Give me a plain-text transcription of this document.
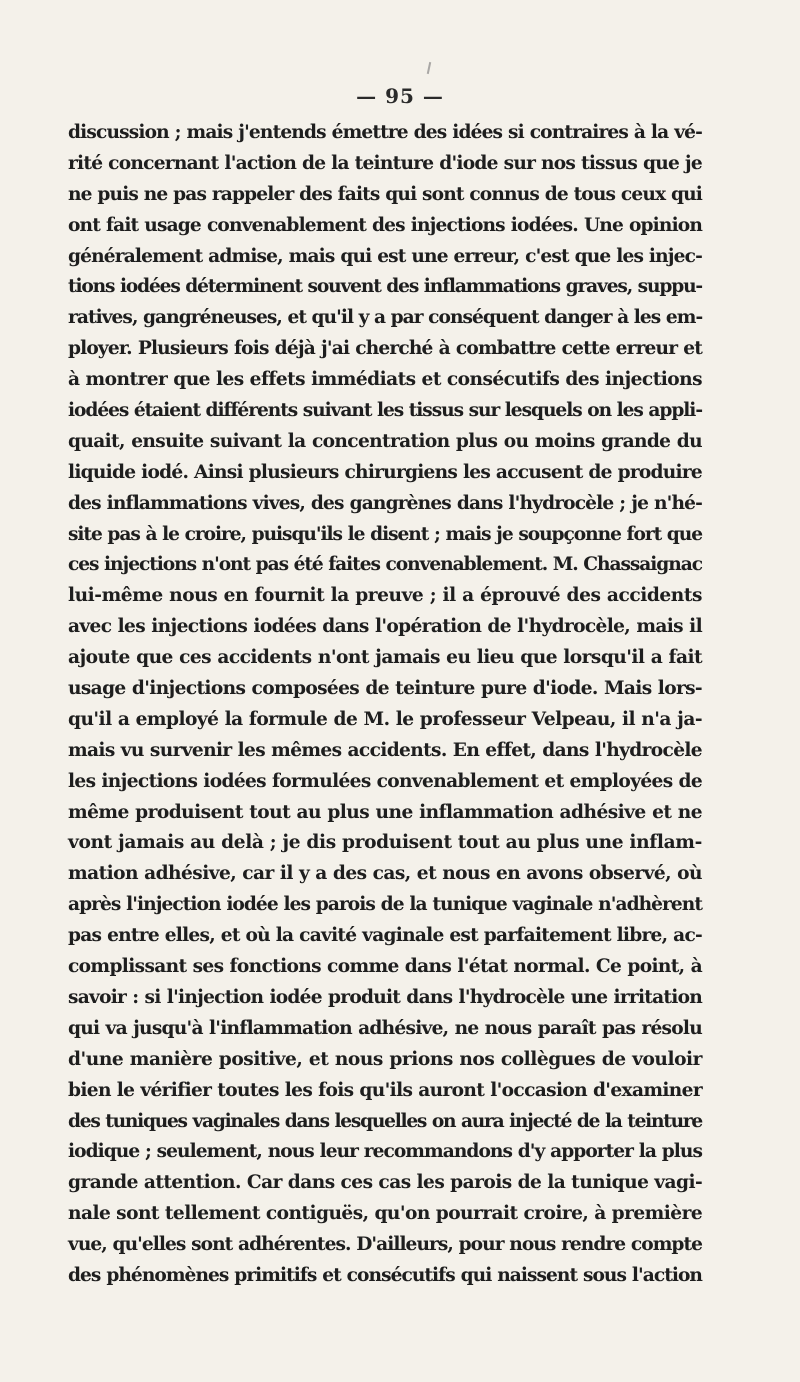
— 95 —
discussion ; mais j'entends émettre des idées si contraires à la vé-
rité concernant l'action de la teinture d'iode sur nos tissus que je
ne puis ne pas rappeler des faits qui sont connus de tous ceux qui
ont fait usage convenablement des injections iodées. Une opinion
généralement admise, mais qui est une erreur, c'est que les injec-
tions iodées déterminent souvent des inflammations graves, suppu-
ratives, gangréneuses, et qu'il y a par conséquent danger à les em-
ployer. Plusieurs fois déjà j'ai cherché à combattre cette erreur et
à montrer que les effets immédiats et consécutifs des injections
iodées étaient différents suivant les tissus sur lesquels on les appli-
quait, ensuite suivant la concentration plus ou moins grande du
liquide iodé. Ainsi plusieurs chirurgiens les accusent de produire
des inflammations vives, des gangrènes dans l'hydrocèle ; je n'hé-
site pas à le croire, puisqu'ils le disent ; mais je soupçonne fort que
ces injections n'ont pas été faites convenablement. M. Chassaignac
lui-même nous en fournit la preuve ; il a éprouvé des accidents
avec les injections iodées dans l'opération de l'hydrocèle, mais il
ajoute que ces accidents n'ont jamais eu lieu que lorsqu'il a fait
usage d'injections composées de teinture pure d'iode. Mais lors-
qu'il a employé la formule de M. le professeur Velpeau, il n'a ja-
mais vu survenir les mêmes accidents. En effet, dans l'hydrocèle
les injections iodées formulées convenablement et employées de
même produisent tout au plus une inflammation adhésive et ne
vont jamais au delà ; je dis produisent tout au plus une inflam-
mation adhésive, car il y a des cas, et nous en avons observé, où
après l'injection iodée les parois de la tunique vaginale n'adhèrent
pas entre elles, et où la cavité vaginale est parfaitement libre, ac-
complissant ses fonctions comme dans l'état normal. Ce point, à
savoir : si l'injection iodée produit dans l'hydrocèle une irritation
qui va jusqu'à l'inflammation adhésive, ne nous paraît pas résolu
d'une manière positive, et nous prions nos collègues de vouloir
bien le vérifier toutes les fois qu'ils auront l'occasion d'examiner
des tuniques vaginales dans lesquelles on aura injecté de la teinture
iodique ; seulement, nous leur recommandons d'y apporter la plus
grande attention. Car dans ces cas les parois de la tunique vagi-
nale sont tellement contiguës, qu'on pourrait croire, à première
vue, qu'elles sont adhérentes. D'ailleurs, pour nous rendre compte
des phénomènes primitifs et consécutifs qui naissent sous l'action
